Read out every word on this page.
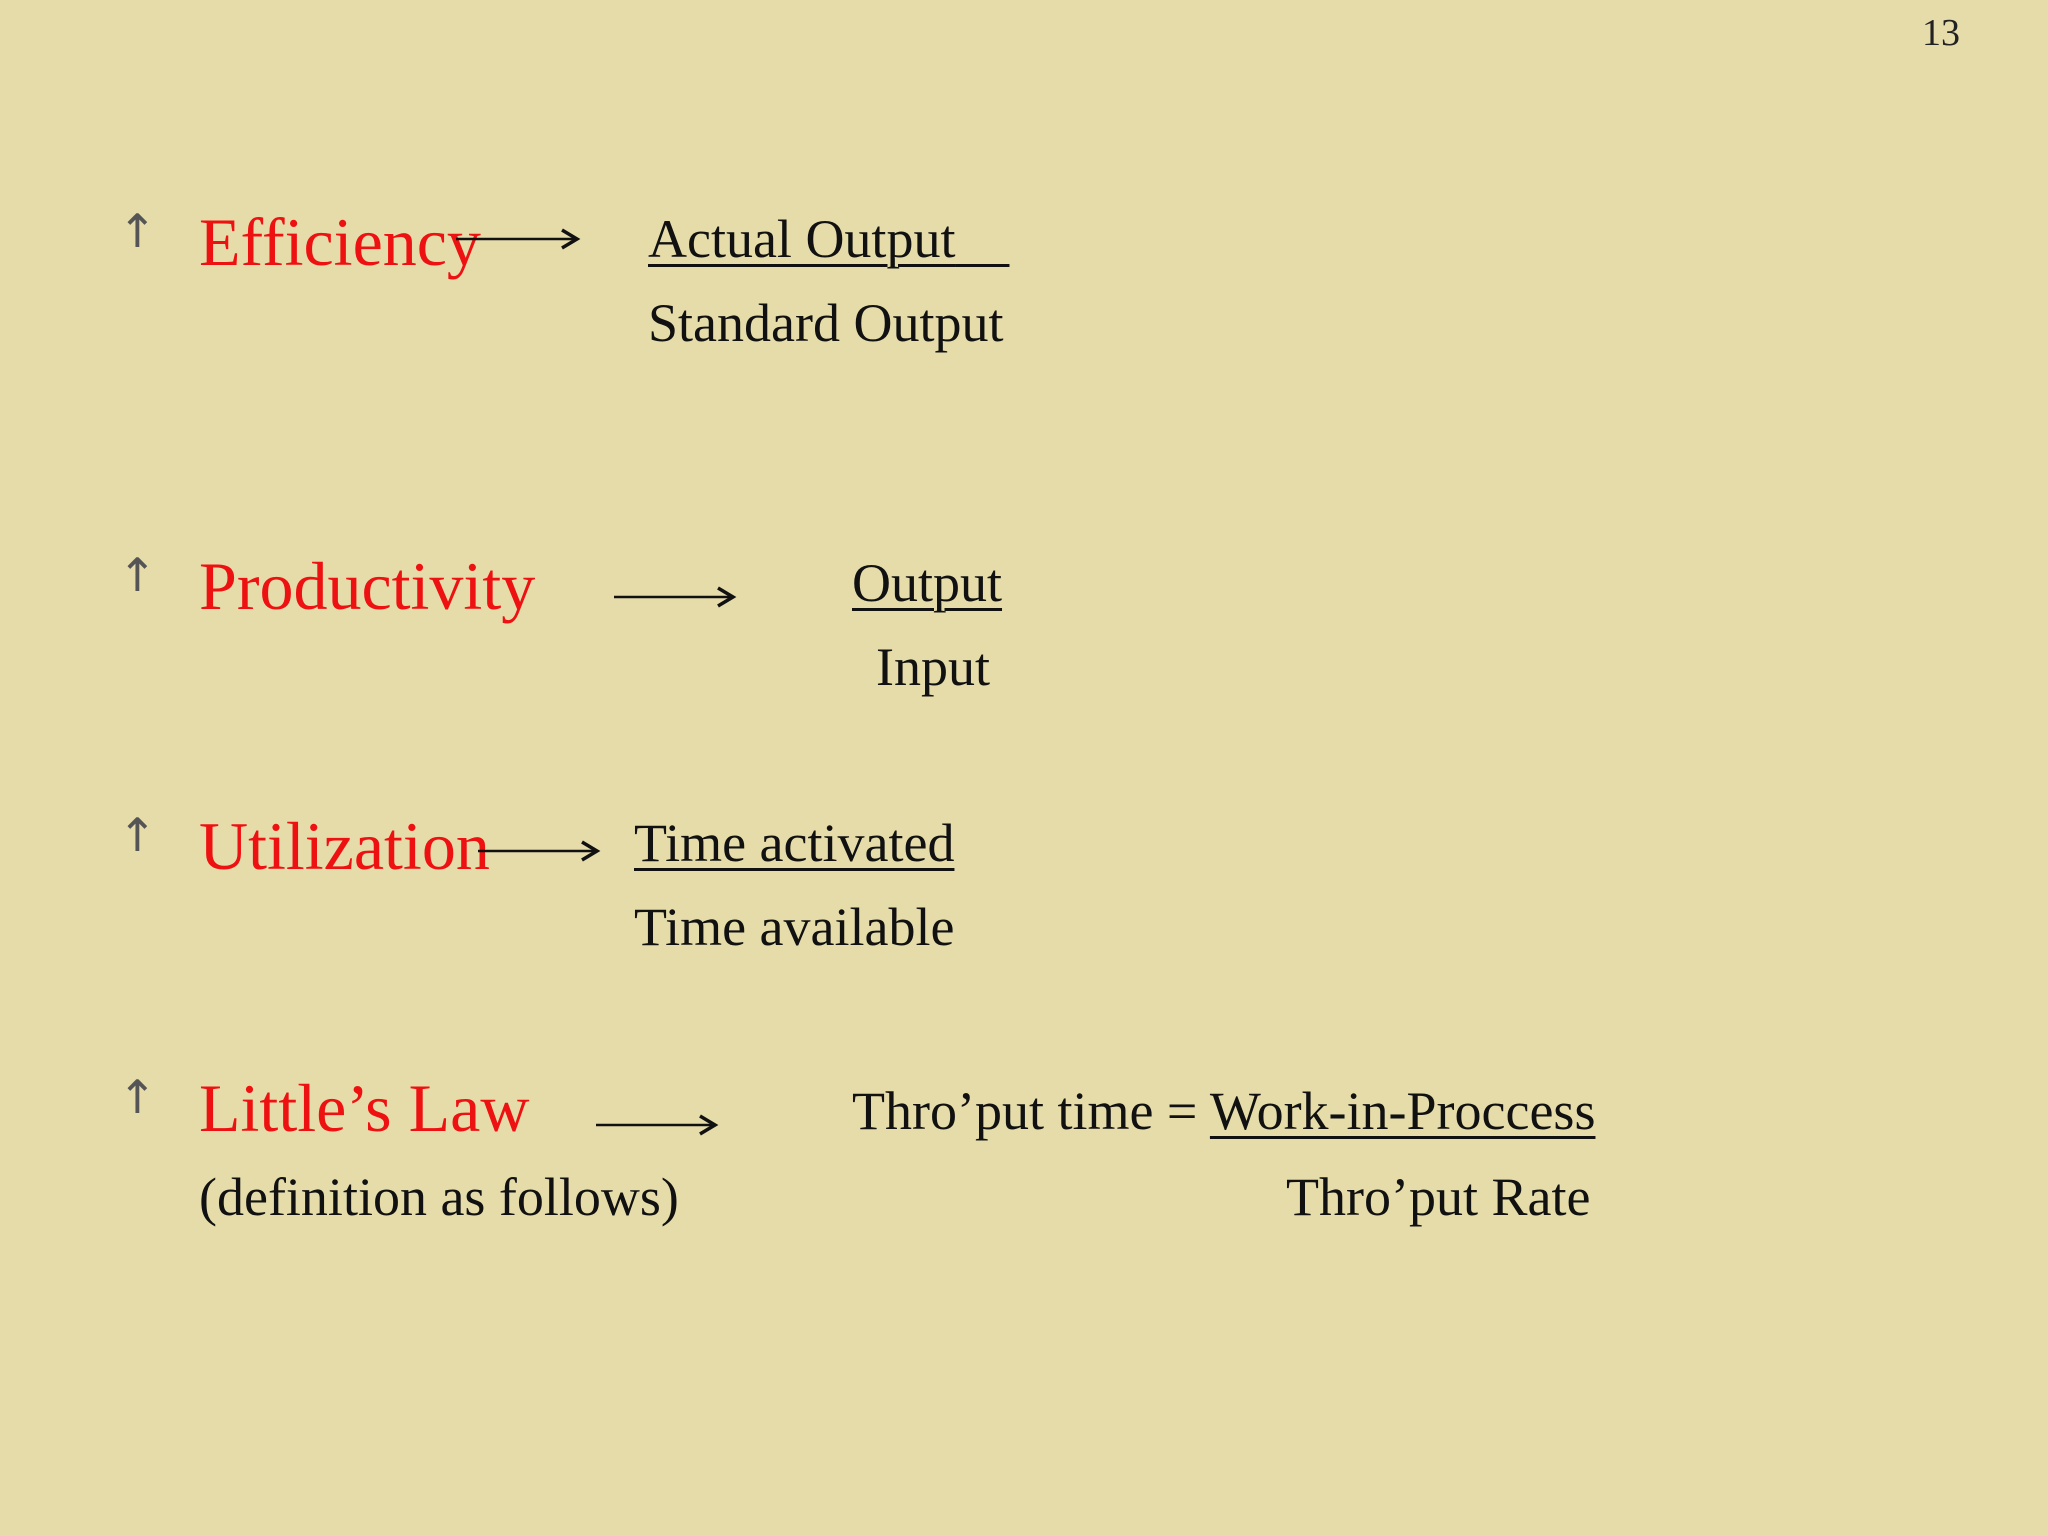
13
↑ Efficiency	Actual Output
Standard Output
↑ Productivity	Output
Input
↑ Utilization	Time activated
Time available
↑ Little’s Law
(definition as follows)
Thro’put time = Work-in-Proccess
Thro’put Rate
